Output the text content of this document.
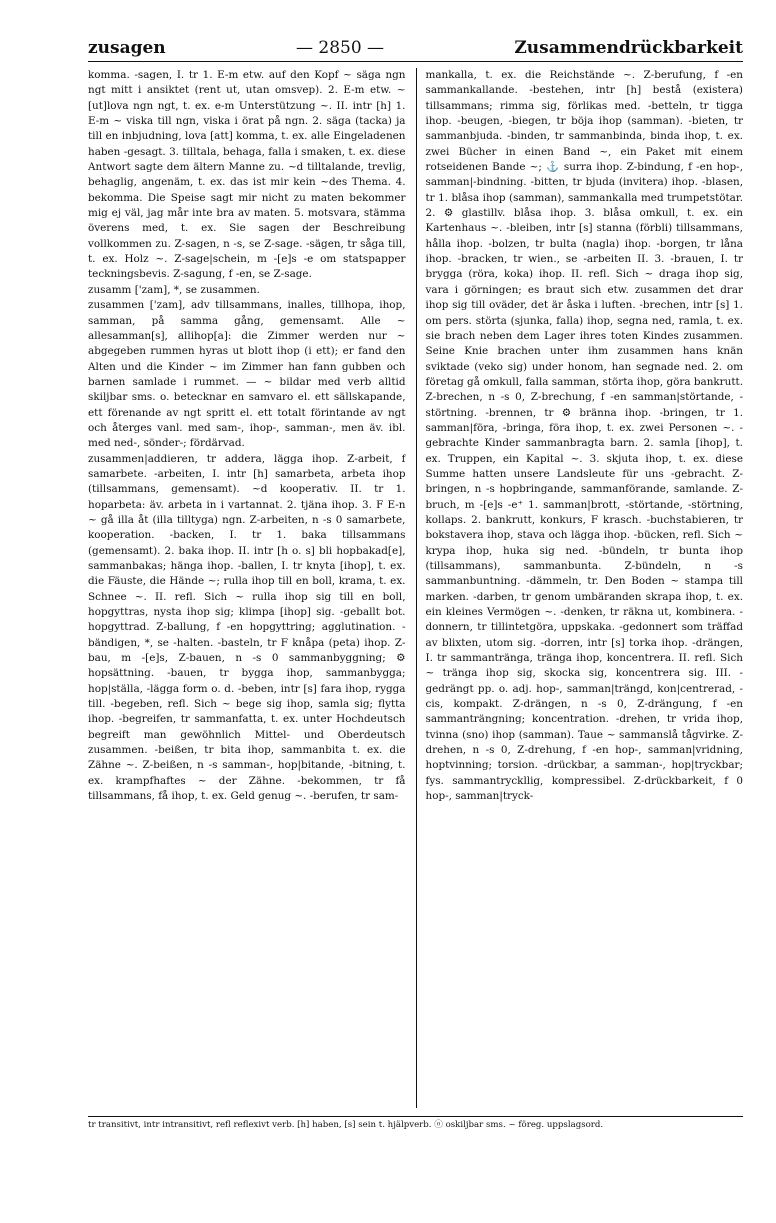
zusagen	— 2850 —	Zusammendrückbarkeit

komma. -sagen, I. tr 1. E-m etw. auf den Kopf ~ säga ngn ngt mitt i ansiktet (rent ut, utan omsvep). 2. E-m etw. ~ [ut]lova ngn ngt, t. ex. e-m Unterstützung ~. II. intr [h] 1. E-m ~ viska till ngn, viska i örat på ngn. 2. säga (tacka) ja till en inbjudning, lova [att] komma, t. ex. alle Eingeladenen haben -gesagt. 3. tilltala, behaga, falla i smaken, t. ex. diese Antwort sagte dem ältern Manne zu. ~d tilltalande, trevlig, behaglig, angenäm, t. ex. das ist mir kein ~des Thema. 4. bekomma. Die Speise sagt mir nicht zu maten bekommer mig ej väl, jag mår inte bra av maten. 5. motsvara, stämma överens med, t. ex. Sie sagen der Beschreibung vollkommen zu. Z-sagen, n -s, se Z-sage. -sägen, tr såga till, t. ex. Holz ~. Z-sage|schein, m -[e]s -e om statspapper teckningsbevis. Z-sagung, f -en, se Z-sage.

zusamm ['zam], *, se zusammen.

zusammen ['zam], adv tillsammans, inalles, tillhopa, ihop, samman, på samma gång, gemensamt. Alle ~ allesamman[s], allihop[a]: die Zimmer werden nur ~ abgegeben rummen hyras ut blott ihop (i ett); er fand den Alten und die Kinder ~ im Zimmer han fann gubben och barnen samlade i rummet. — ~ bildar med verb alltid skiljbar sms. o. betecknar en samvaro el. ett sällskapande, ett förenande av ngt spritt el. ett totalt förintande av ngt och återges vanl. med sam-, ihop-, samman-, men äv. ibl. med ned-, sönder-; fördärvad.

zusammen|addieren, tr addera, lägga ihop. Z-arbeit, f samarbete. -arbeiten, I. intr [h] samarbeta, arbeta ihop (tillsammans, gemensamt). ~d kooperativ. II. tr 1. hoparbeta: äv. arbeta in i vartannat. 2. tjäna ihop. 3. F E-n ~ gå illa åt (illa tilltyga) ngn. Z-arbeiten, n -s 0 samarbete, kooperation. -backen, I. tr 1. baka tillsammans (gemensamt). 2. baka ihop. II. intr [h o. s] bli hopbakad[e], sammanbakas; hänga ihop. -ballen, I. tr knyta [ihop], t. ex. die Fäuste, die Hände ~; rulla ihop till en boll, krama, t. ex. Schnee ~. II. refl. Sich ~ rulla ihop sig till en boll, hopgyttras, nysta ihop sig; klimpa [ihop] sig. -geballt bot. hopgyttrad. Z-ballung, f -en hopgyttring; agglutination. -bändigen, *, se -halten. -basteln, tr F knåpa (peta) ihop. Z-bau, m -[e]s, Z-bauen, n -s 0 sammanbyggning; ⚙ hopsättning. -bauen, tr bygga ihop, sammanbygga; hop|ställa, -lägga form o. d. -beben, intr [s] fara ihop, rygga till. -begeben, refl. Sich ~ bege sig ihop, samla sig; flytta ihop. -begreifen, tr sammanfatta, t. ex. unter Hochdeutsch begreift man gewöhnlich Mittel- und Oberdeutsch zusammen. -beißen, tr bita ihop, sammanbita t. ex. die Zähne ~. Z-beißen, n -s samman-, hop|bitande, -bitning, t. ex. krampfhaftes ~ der Zähne. -bekommen, tr få tillsammans, få ihop, t. ex. Geld genug ~. -berufen, tr sam-

mankalla, t. ex. die Reichstände ~. Z-berufung, f -en sammankallande. -bestehen, intr [h] bestå (existera) tillsammans; rimma sig, förlikas med. -betteln, tr tigga ihop. -beugen, -biegen, tr böja ihop (samman). -bieten, tr sammanbjuda. -binden, tr sammanbinda, binda ihop, t. ex. zwei Bücher in einen Band ~, ein Paket mit einem rotseidenen Bande ~; ⚓ surra ihop. Z-bindung, f -en hop-, samman|-bindning. -bitten, tr bjuda (invitera) ihop. -blasen, tr 1. blåsa ihop (samman), sammankalla med trumpetstötar. 2. ⚙ glastillv. blåsa ihop. 3. blåsa omkull, t. ex. ein Kartenhaus ~. -bleiben, intr [s] stanna (förbli) tillsammans, hålla ihop. -bolzen, tr bulta (nagla) ihop. -borgen, tr låna ihop. -bracken, tr wien., se -arbeiten II. 3. -brauen, I. tr brygga (röra, koka) ihop. II. refl. Sich ~ draga ihop sig, vara i görningen; es braut sich etw. zusammen det drar ihop sig till oväder, det är åska i luften. -brechen, intr [s] 1. om pers. störta (sjunka, falla) ihop, segna ned, ramla, t. ex. sie brach neben dem Lager ihres toten Kindes zusammen. Seine Knie brachen unter ihm zusammen hans knän sviktade (veko sig) under honom, han segnade ned. 2. om företag gå omkull, falla samman, störta ihop, göra bankrutt. Z-brechen, n -s 0, Z-brechung, f -en samman|störtande, -störtning. -brennen, tr ⚙ bränna ihop. -bringen, tr 1. samman|föra, -bringa, föra ihop, t. ex. zwei Personen ~. -gebrachte Kinder sammanbragta barn. 2. samla [ihop], t. ex. Truppen, ein Kapital ~. 3. skjuta ihop, t. ex. diese Summe hatten unsere Landsleute für uns -gebracht. Z-bringen, n -s hopbringande, sammanförande, samlande. Z-bruch, m -[e]s -e⁺ 1. samman|brott, -störtande, -störtning, kollaps. 2. bankrutt, konkurs, F krasch. -buchstabieren, tr bokstavera ihop, stava och lägga ihop. -bücken, refl. Sich ~ krypa ihop, huka sig ned. -bündeln, tr bunta ihop (tillsammans), sammanbunta. Z-bündeln, n -s sammanbuntning. -dämmeln, tr. Den Boden ~ stampa till marken. -darben, tr genom umbäranden skrapa ihop, t. ex. ein kleines Vermögen ~. -denken, tr räkna ut, kombinera. -donnern, tr tillintetgöra, uppskaka. -gedonnert som träffad av blixten, utom sig. -dorren, intr [s] torka ihop. -drängen, I. tr sammantränga, tränga ihop, koncentrera. II. refl. Sich ~ tränga ihop sig, skocka sig, koncentrera sig. III. -gedrängt pp. o. adj. hop-, samman|trängd, kon|centrerad, -cis, kompakt. Z-drängen, n -s 0, Z-drängung, f -en sammanträngning; koncentration. -drehen, tr vrida ihop, tvinna (sno) ihop (samman). Taue ~ sammanslå tågvirke. Z-drehen, n -s 0, Z-drehung, f -en hop-, samman|vridning, hoptvinning; torsion. -drückbar, a samman-, hop|tryckbar; fys. sammantryckllig, kompressibel. Z-drückbarkeit, f 0 hop-, samman|tryck-

tr transitivt, intr intransitivt, refl reflexivt verb. [h] haben, [s] sein t. hjälpverb. ⓞ oskiljbar sms. ~ föreg. uppslagsord.
